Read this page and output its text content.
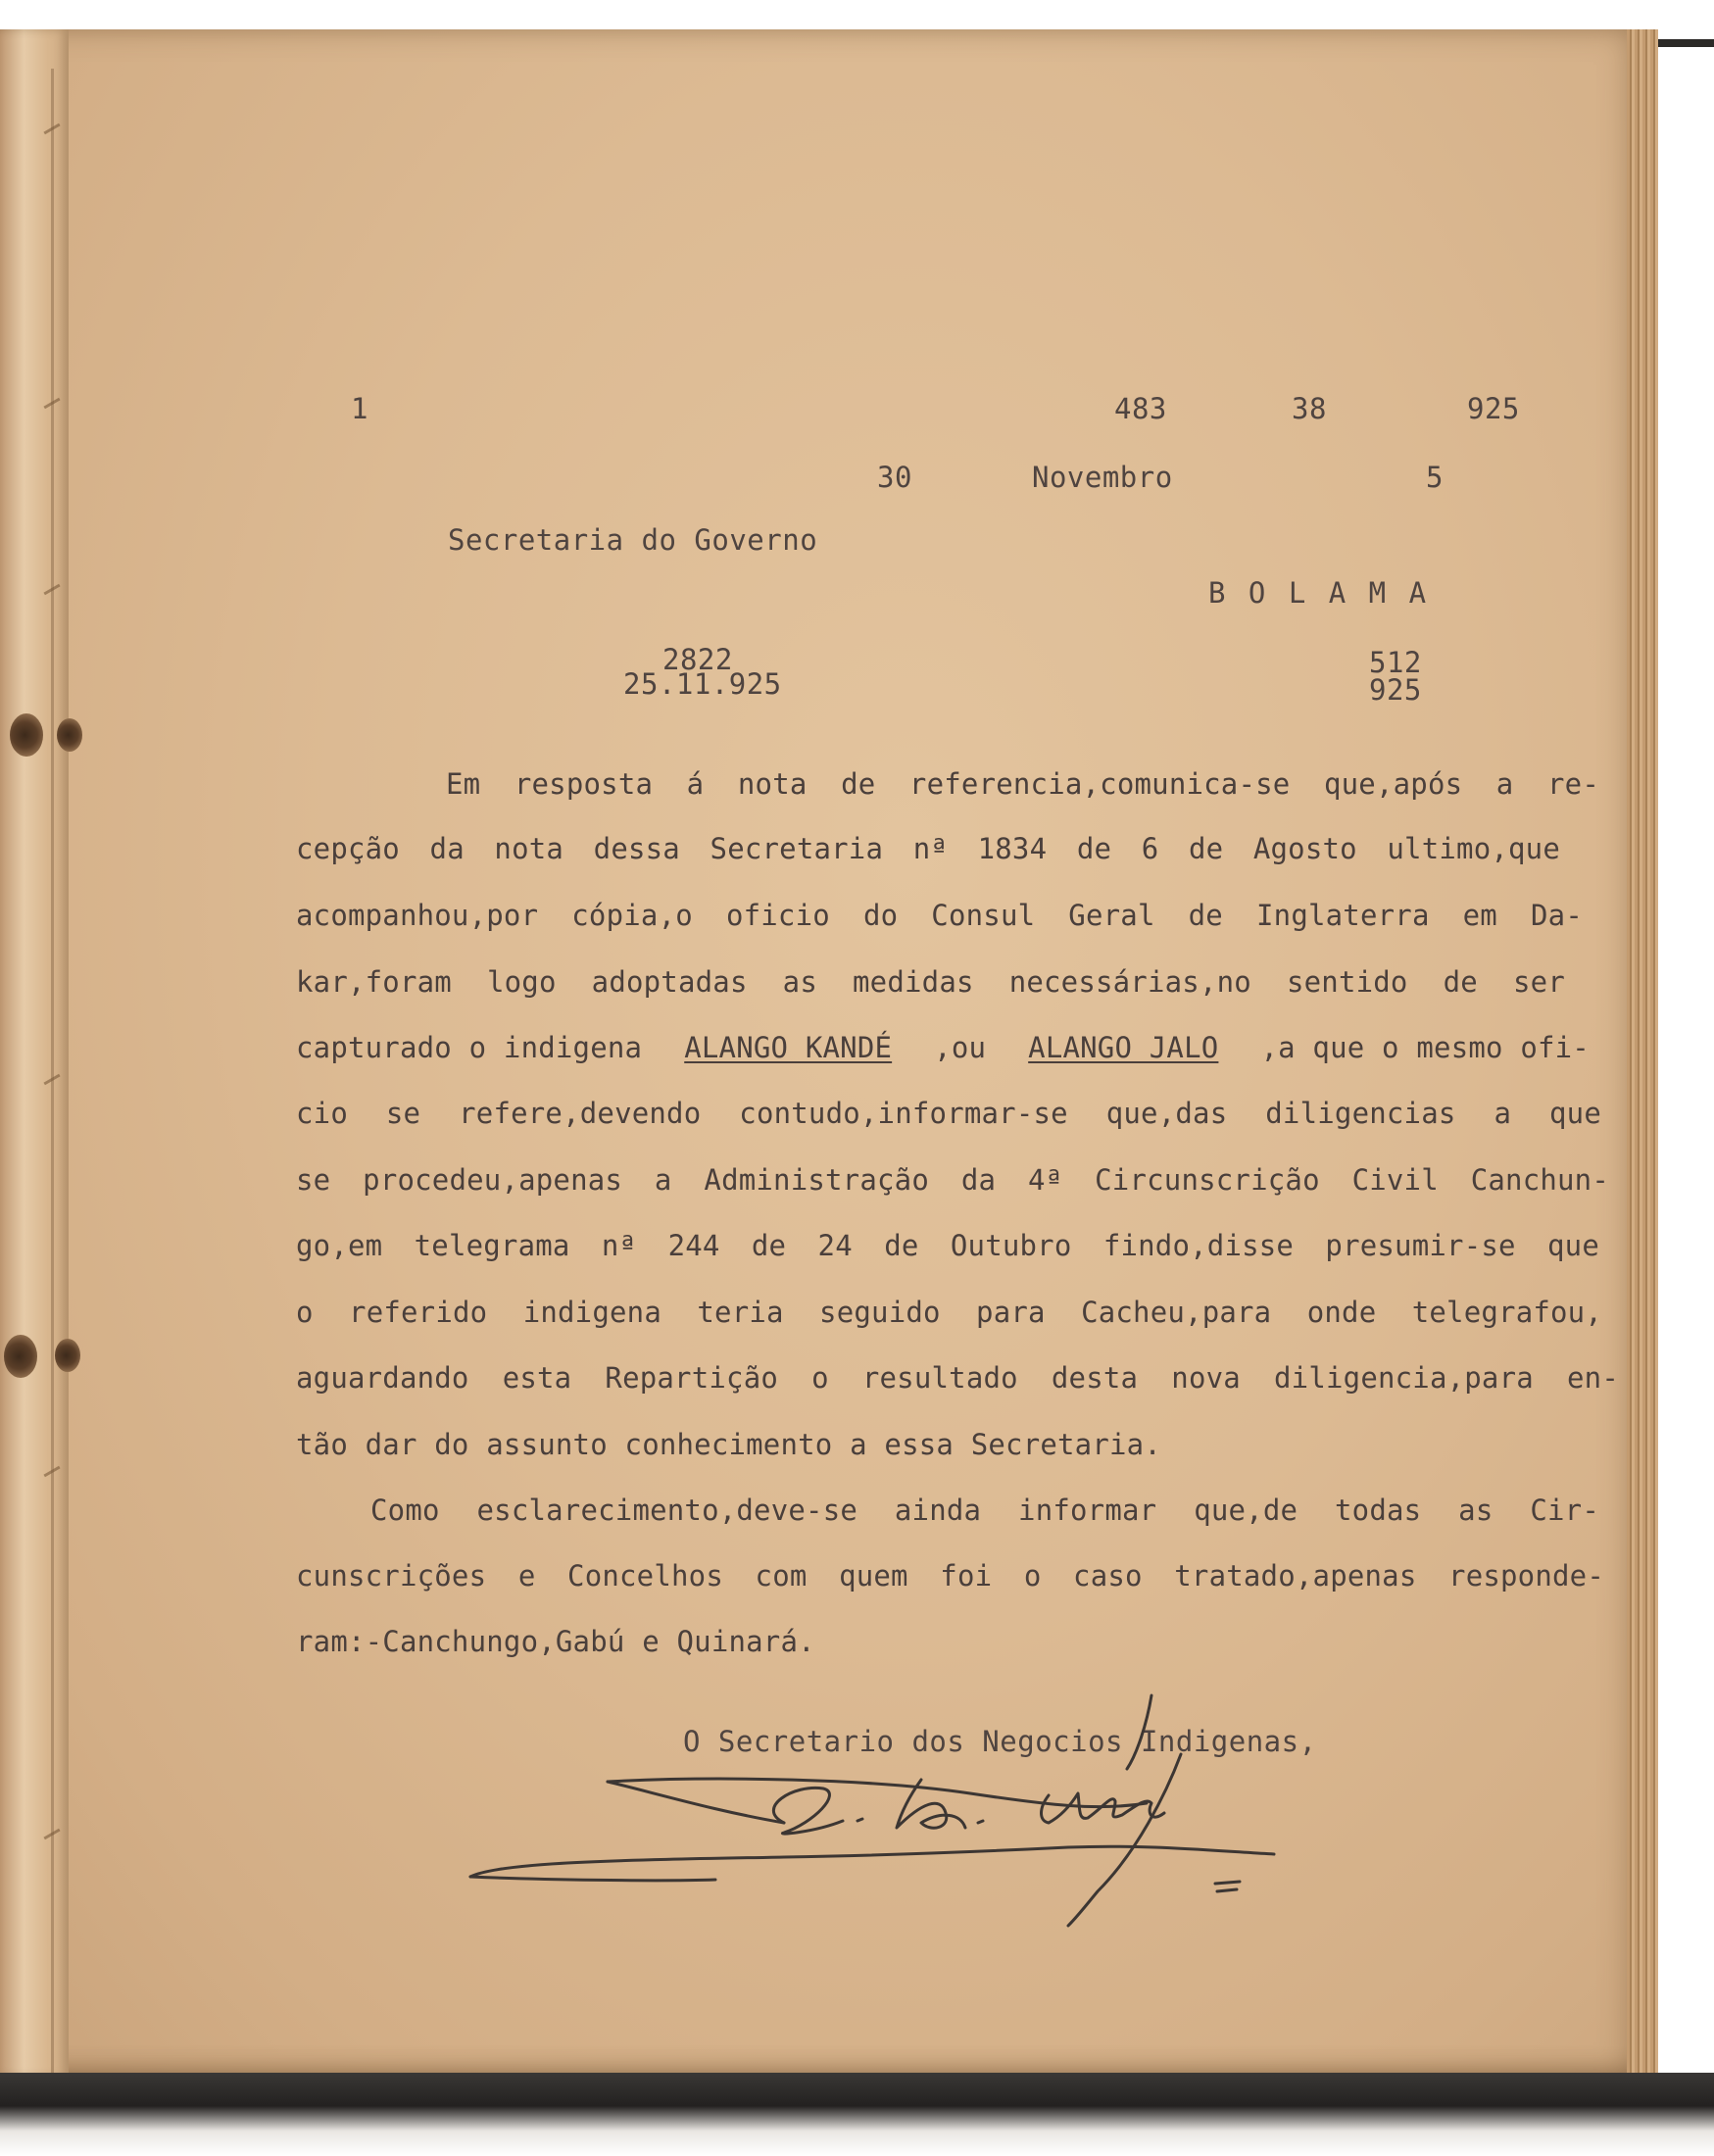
1	483	38	925
30	Novembro	5
Secretaria do Governo
B O L A M A
2822
25.11.925
512
925
Em resposta á nota de referencia,comunica-se que,após a re-
cepção da nota dessa Secretaria nª 1834 de 6 de Agosto ultimo,que
acompanhou,por cópia,o oficio do Consul Geral de Inglaterra em Da-
kar,foram logo adoptadas as medidas necessárias,no sentido de ser
capturado o indigena ALANGO KANDÉ ,ou ALANGO JALO ,a que o mesmo ofi-
cio se refere,devendo contudo,informar-se que,das diligencias a que
se procedeu,apenas a Administração da 4ª Circunscrição Civil Canchun-
go,em telegrama nª 244 de 24 de Outubro findo,disse presumir-se que
o referido indigena teria seguido para Cacheu,para onde telegrafou,
aguardando esta Repartição o resultado desta nova diligencia,para en-
tão dar do assunto conhecimento a essa Secretaria.
Como esclarecimento,deve-se ainda informar que,de todas as Cir-
cunscrições e Concelhos com quem foi o caso tratado,apenas responde-
ram:-Canchungo,Gabú e Quinará.
O Secretario dos Negocios Indigenas,
